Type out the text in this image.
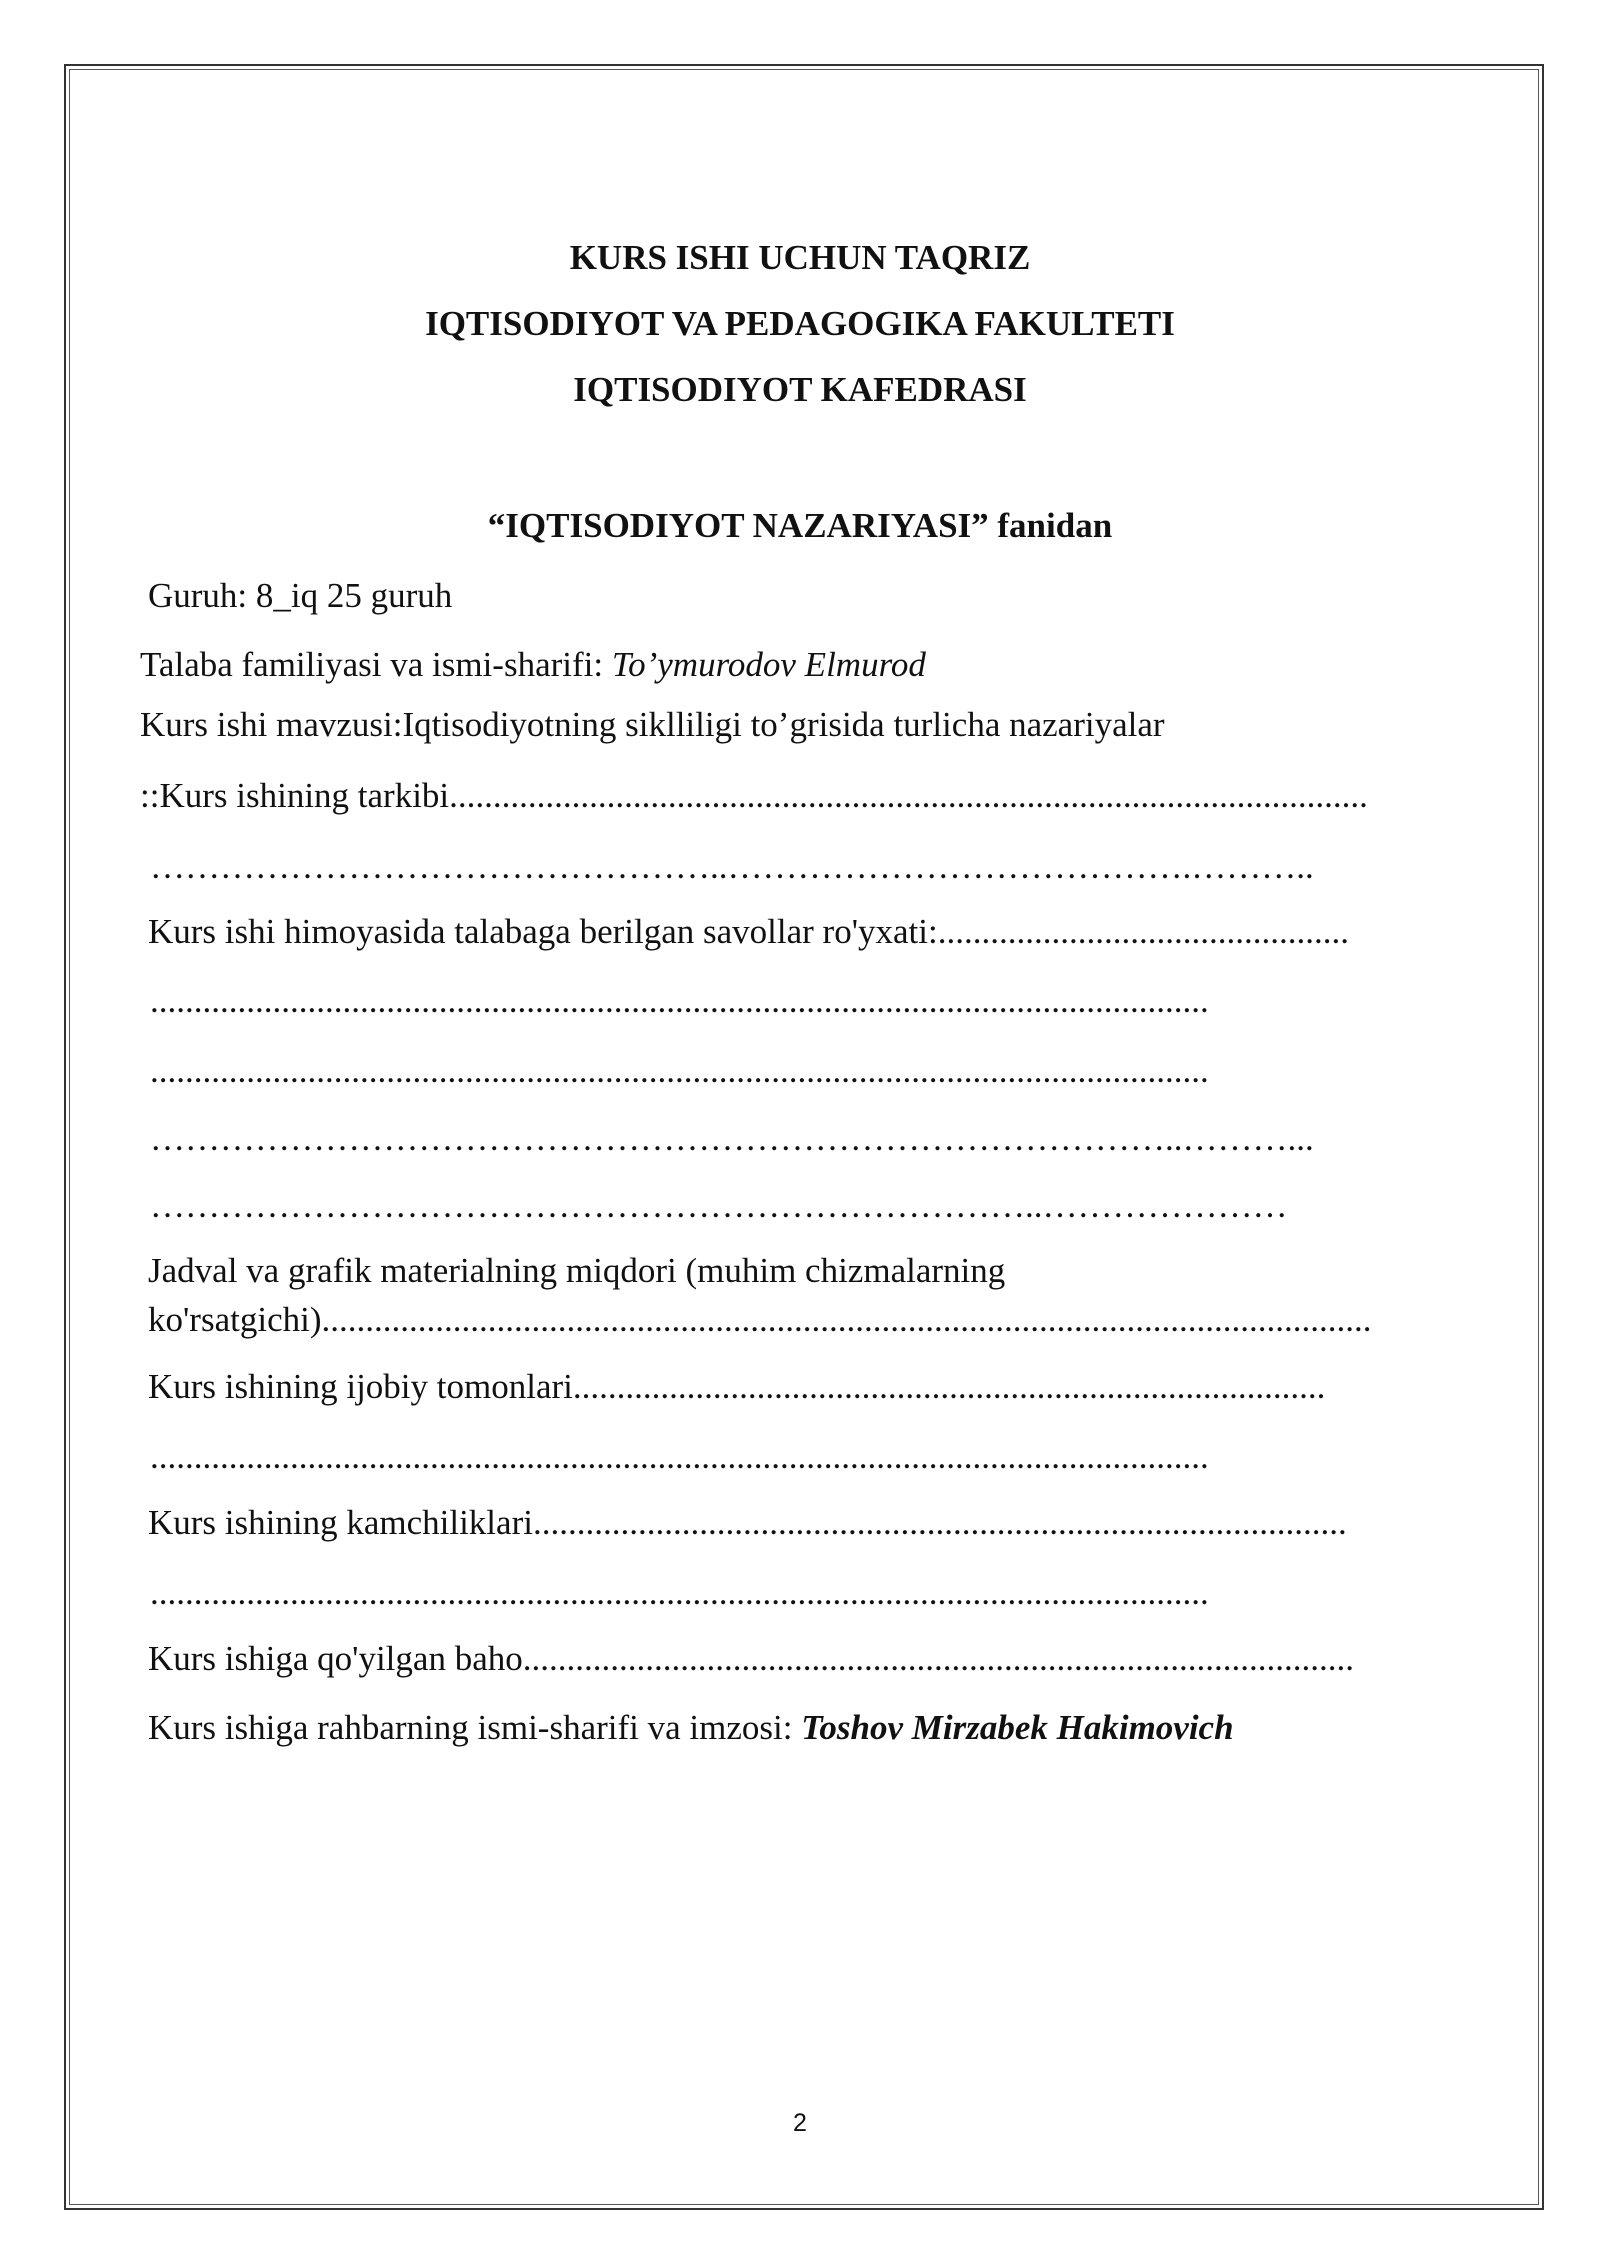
KURS ISHI UCHUN TAQRIZ
IQTISODIYOT VA PEDAGOGIKA FAKULTETI
IQTISODIYOT KAFEDRASI
“IQTISODIYOT NAZARIYASI” fanidan
Guruh: 8_iq 25 guruh
Talaba familiyasi va ismi-sharifi: To’ymurodov Elmurod
Kurs ishi mavzusi:Iqtisodiyotning siklliligi to’grisida turlicha nazariyalar
::Kurs ishining tarkibi.........................................................................................................
…………………………………………..………………………………….………..
Kurs ishi himoyasida talabaga berilgan savollar ro'yxati:...............................................
.........................................................................................................................
.........................................................................................................................
……………………………………………………………………………..………...
…………………………………………………………………..…………………
Jadval va grafik materialning miqdori (muhim chizmalarning
ko'rsatgichi)........................................................................................................................
Kurs ishining ijobiy tomonlari......................................................................................
.........................................................................................................................
Kurs ishining kamchiliklari.............................................................................................
.........................................................................................................................
Kurs ishiga qo'yilgan baho...............................................................................................
Kurs ishiga rahbarning ismi-sharifi va imzosi: Toshov Mirzabek Hakimovich
2
